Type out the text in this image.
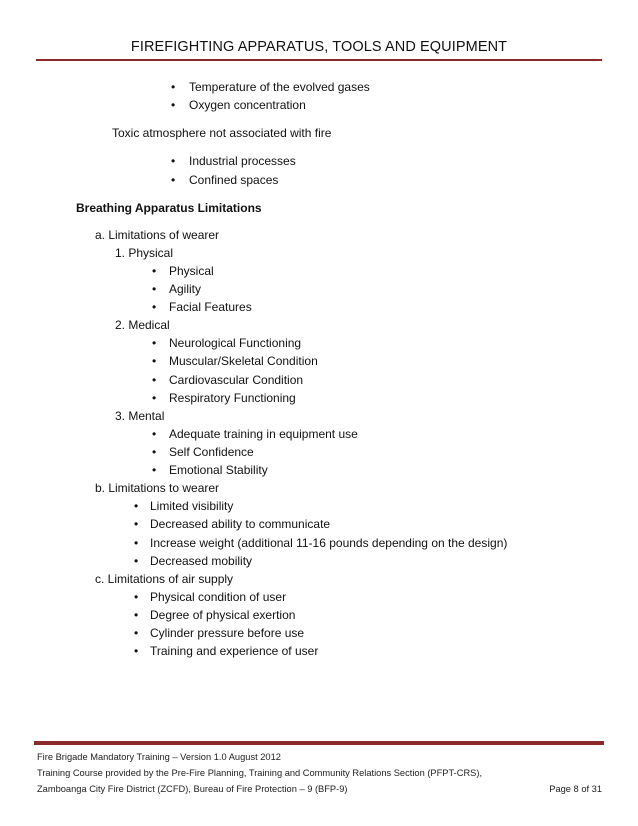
FIREFIGHTING APPARATUS, TOOLS AND EQUIPMENT
• Temperature of the evolved gases
• Oxygen concentration
Toxic atmosphere not associated with fire
• Industrial processes
• Confined spaces
Breathing Apparatus Limitations
a. Limitations of wearer
1. Physical
• Physical
• Agility
• Facial Features
2. Medical
• Neurological Functioning
• Muscular/Skeletal Condition
• Cardiovascular Condition
• Respiratory Functioning
3. Mental
• Adequate training in equipment use
• Self Confidence
• Emotional Stability
b. Limitations to wearer
• Limited visibility
• Decreased ability to communicate
• Increase weight (additional 11-16 pounds depending on the design)
• Decreased mobility
c. Limitations of air supply
• Physical condition of user
• Degree of physical exertion
• Cylinder pressure before use
• Training and experience of user
Fire Brigade Mandatory Training – Version 1.0 August 2012
Training Course provided by the Pre-Fire Planning, Training and Community Relations Section (PFPT-CRS),
Zamboanga City Fire District (ZCFD), Bureau of Fire Protection – 9 (BFP-9)	Page 8 of 31
